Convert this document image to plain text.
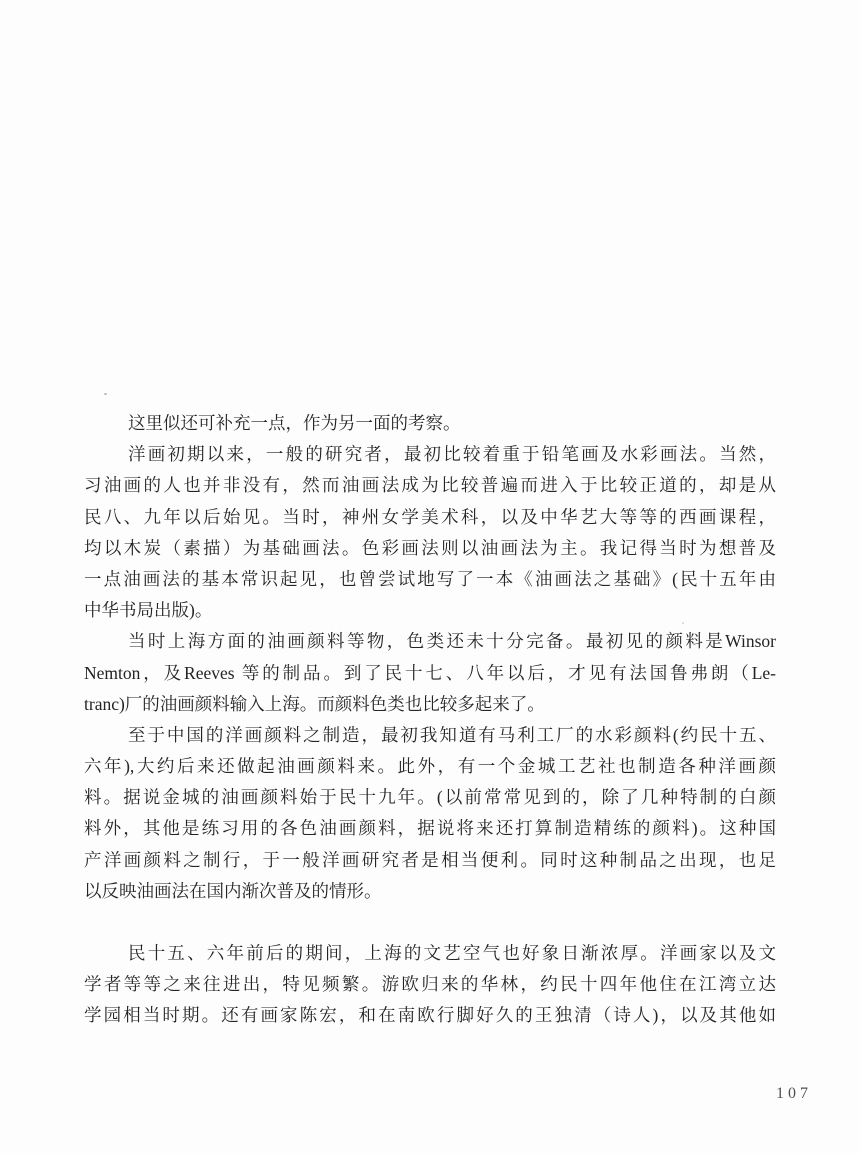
这里似还可补充一点，作为另一面的考察。
洋画初期以来，一般的研究者，最初比较着重于铅笔画及水彩画法。当然，
习油画的人也并非没有，然而油画法成为比较普遍而进入于比较正道的，却是从
民八、九年以后始见。当时，神州女学美术科，以及中华艺大等等的西画课程，
均以木炭（素描）为基础画法。色彩画法则以油画法为主。我记得当时为想普及
一点油画法的基本常识起见，也曾尝试地写了一本《油画法之基础》(民十五年由
中华书局出版)。
当时上海方面的油画颜料等物，色类还未十分完备。最初见的颜料是Winsor
Nemton，及Reeves 等的制品。到了民十七、八年以后，才见有法国鲁弗朗（Le-
tranc)厂的油画颜料输入上海。而颜料色类也比较多起来了。
至于中国的洋画颜料之制造，最初我知道有马利工厂的水彩颜料(约民十五、
六年),大约后来还做起油画颜料来。此外，有一个金城工艺社也制造各种洋画颜
料。据说金城的油画颜料始于民十九年。(以前常常见到的，除了几种特制的白颜
料外，其他是练习用的各色油画颜料，据说将来还打算制造精练的颜料)。这种国
产洋画颜料之制行，于一般洋画研究者是相当便利。同时这种制品之出现，也足
以反映油画法在国内渐次普及的情形。
民十五、六年前后的期间，上海的文艺空气也好象日渐浓厚。洋画家以及文
学者等等之来往进出，特见频繁。游欧归来的华林，约民十四年他住在江湾立达
学园相当时期。还有画家陈宏，和在南欧行脚好久的王独清（诗人)，以及其他如
107
